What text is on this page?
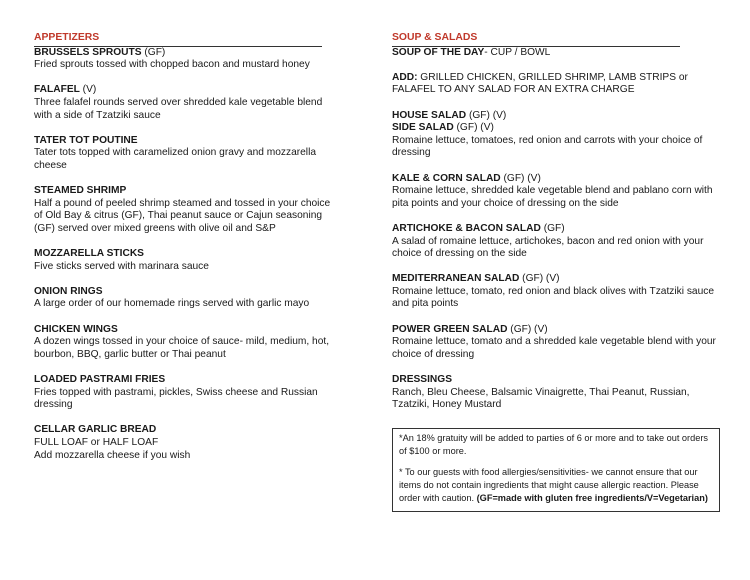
APPETIZERS
BRUSSELS SPROUTS (GF)
Fried sprouts tossed with chopped bacon and mustard honey
FALAFEL (V)
Three falafel rounds served over shredded kale vegetable blend with a side of Tzatziki sauce
TATER TOT POUTINE
Tater tots topped with caramelized onion gravy and mozzarella cheese
STEAMED SHRIMP
Half a pound of peeled shrimp steamed and tossed in your choice of Old Bay & citrus (GF), Thai peanut sauce or Cajun seasoning (GF) served over mixed greens with olive oil and S&P
MOZZARELLA STICKS
Five sticks served with marinara sauce
ONION RINGS
A large order of our homemade rings served with garlic mayo
CHICKEN WINGS
A dozen wings tossed in your choice of sauce- mild, medium, hot, bourbon, BBQ, garlic butter or Thai peanut
LOADED PASTRAMI FRIES
Fries topped with pastrami, pickles, Swiss cheese and Russian dressing
CELLAR GARLIC BREAD
FULL LOAF or HALF LOAF
Add mozzarella cheese if you wish
SOUP & SALADS
SOUP OF THE DAY- CUP / BOWL
ADD: GRILLED CHICKEN, GRILLED SHRIMP, LAMB STRIPS or FALAFEL TO ANY SALAD FOR AN EXTRA CHARGE
HOUSE SALAD (GF) (V)
SIDE SALAD (GF) (V)
Romaine lettuce, tomatoes, red onion and carrots with your choice of dressing
KALE & CORN SALAD (GF) (V)
Romaine lettuce, shredded kale vegetable blend and pablano corn with pita points and your choice of dressing on the side
ARTICHOKE & BACON SALAD (GF)
A salad of romaine lettuce, artichokes, bacon and red onion with your choice of dressing on the side
MEDITERRANEAN SALAD (GF) (V)
Romaine lettuce, tomato, red onion and black olives with Tzatziki sauce and pita points
POWER GREEN SALAD (GF) (V)
Romaine lettuce, tomato and a shredded kale vegetable blend with your choice of dressing
DRESSINGS
Ranch, Bleu Cheese, Balsamic Vinaigrette, Thai Peanut, Russian, Tzatziki, Honey Mustard

*An 18% gratuity will be added to parties of 6 or more and to take out orders of $100 or more.

* To our guests with food allergies/sensitivities- we cannot ensure that our items do not contain ingredients that might cause allergic reaction. Please order with caution. (GF=made with gluten free ingredients/V=Vegetarian)
